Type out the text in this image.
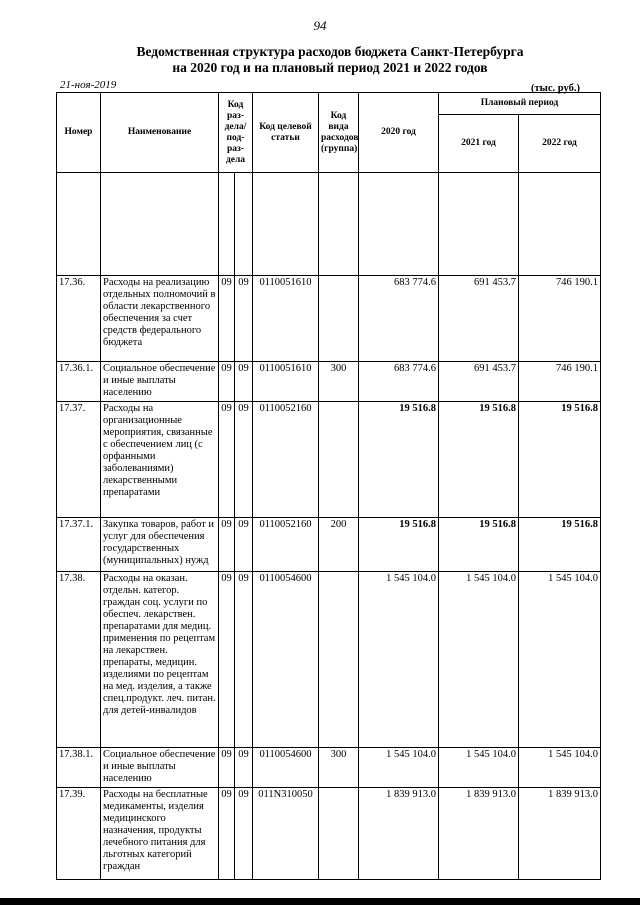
94
Ведомственная структура расходов бюджета Санкт-Петербурга
на 2020 год и на плановый период 2021 и 2022 годов
21-ноя-2019	(тыс. руб.)
Номер	Наименование	Код раз-дела/ под-раз-дела		Код целевой статьи	Код вида расходов (группа)	2020 год	Плановый период	
							2021 год	2022 год

17.36.	Расходы на реализацию отдельных полномочий в области лекарственного обеспечения за счет средств федерального бюджета	09	09	0110051610		683 774.6	691 453.7	746 190.1
17.36.1.	Социальное обеспечение и иные выплаты населению	09	09	0110051610	300	683 774.6	691 453.7	746 190.1
17.37.	Расходы на организационные мероприятия, связанные с обеспечением лиц (с орфанными заболеваниями) лекарственными препаратами	09	09	0110052160		19 516.8	19 516.8	19 516.8
17.37.1.	Закупка товаров, работ и услуг для обеспечения государственных (муниципальных) нужд	09	09	0110052160	200	19 516.8	19 516.8	19 516.8
17.38.	Расходы на оказан. отдельн. категор. граждан соц. услуги по обеспеч. лекарствен. препаратами для медиц. применения по рецептам на лекарствен. препараты, медицин. изделиями по рецептам на мед. изделия, а также спец.продукт. леч. питан. для детей-инвалидов	09	09	0110054600		1 545 104.0	1 545 104.0	1 545 104.0
17.38.1.	Социальное обеспечение и иные выплаты населению	09	09	0110054600	300	1 545 104.0	1 545 104.0	1 545 104.0
17.39.	Расходы на бесплатные медикаменты, изделия медицинского назначения, продукты лечебного питания для льготных категорий граждан	09	09	011N310050		1 839 913.0	1 839 913.0	1 839 913.0
